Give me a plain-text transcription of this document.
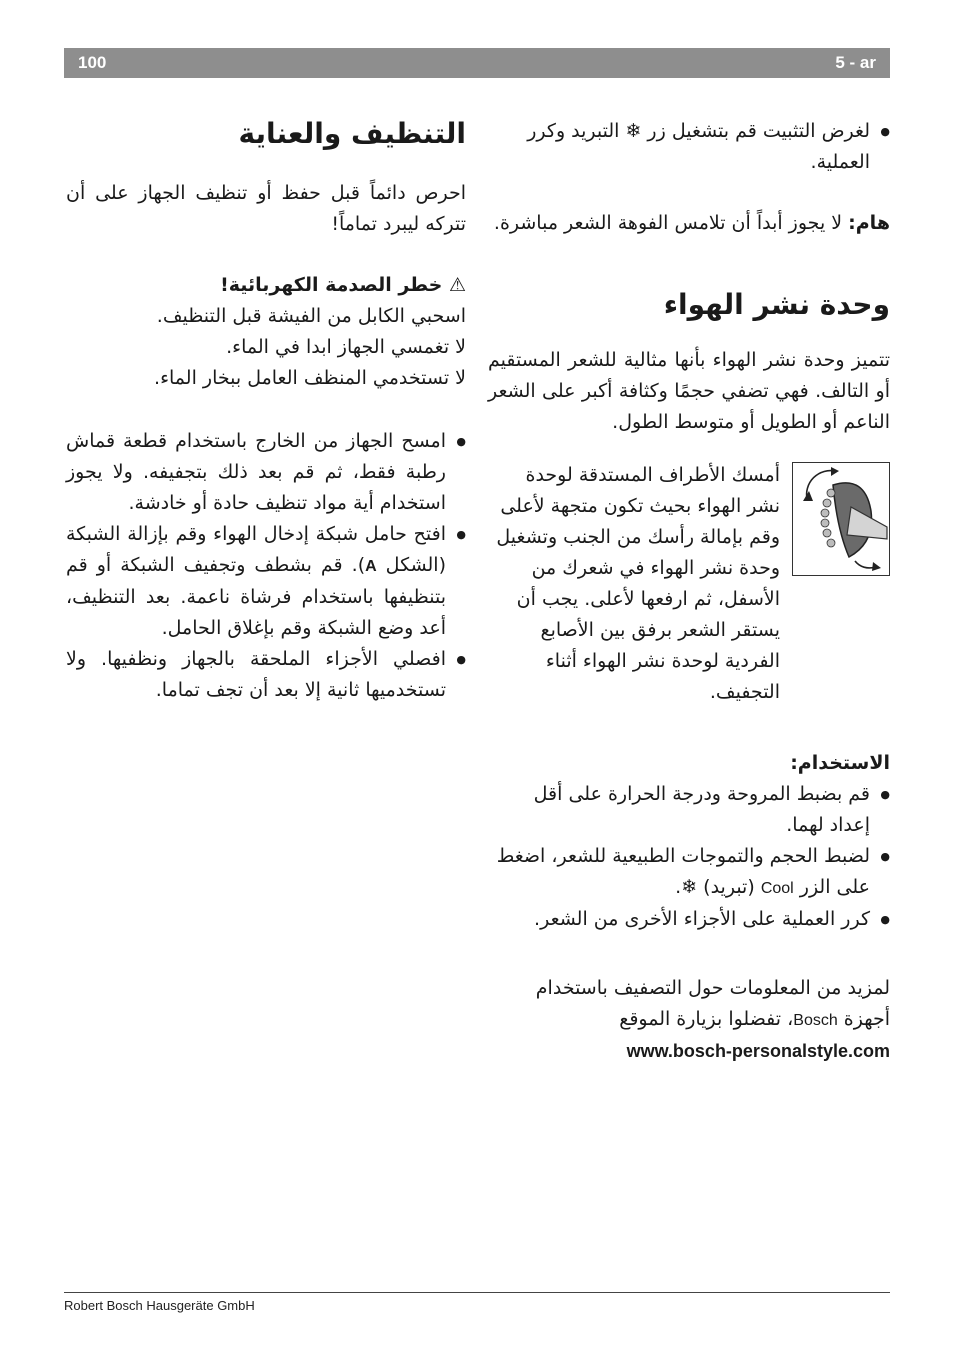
100	5 - ar
● لغرض التثبيت قم بتشغيل زر ❄ التبريد وكرر العملية.

هام: لا يجوز أبداً أن تلامس الفوهة الشعر مباشرة.

وحدة نشر الهواء

تتميز وحدة نشر الهواء بأنها مثالية للشعر المستقيم أو التالف. فهي تضفي حجمًا وكثافة أكبر على الشعر الناعم أو الطويل أو متوسط الطول.

أمسك الأطراف المستدقة لوحدة نشر الهواء بحيث تكون متجهة لأعلى وقم بإمالة رأسك من الجنب وتشغيل وحدة نشر الهواء في شعرك من الأسفل، ثم ارفعها لأعلى. يجب أن يستقر الشعر برفق بين الأصابع الفردية لوحدة نشر الهواء أثناء التجفيف.

الاستخدام:

● قم بضبط المروحة ودرجة الحرارة على أقل إعداد لهما.
● لضبط الحجم والتموجات الطبيعية للشعر، اضغط على الزر Cool (تبريد) ❄.
● كرر العملية على الأجزاء الأخرى من الشعر.

لمزيد من المعلومات حول التصفيف باستخدام أجهزة Bosch، تفضلوا بزيارة الموقع

www.bosch-personalstyle.com

التنظيف والعناية

احرص دائماً قبل حفظ أو تنظيف الجهاز على أن تتركه ليبرد تماماً!

⚠ خطر الصدمة الكهربائية!

اسحبي الكابل من الفيشة قبل التنظيف.

لا تغمسي الجهاز ابدا في الماء.

لا تستخدمي المنظف العامل ببخار الماء.

● امسح الجهاز من الخارج باستخدام قطعة قماش رطبة فقط، ثم قم بعد ذلك بتجفيفه. ولا يجوز استخدام أية مواد تنظيف حادة أو خادشة.
● افتح حامل شبكة إدخال الهواء وقم بإزالة الشبكة (الشكل A). قم بشطف وتجفيف الشبكة أو قم بتنظيفها باستخدام فرشاة ناعمة. بعد التنظيف، أعد وضع الشبكة وقم بإغلاق الحامل.
● افصلي الأجزاء الملحقة بالجهاز ونظفيها. ولا تستخدميها ثانية إلا بعد أن تجف تماما.
Robert Bosch Hausgeräte GmbH
